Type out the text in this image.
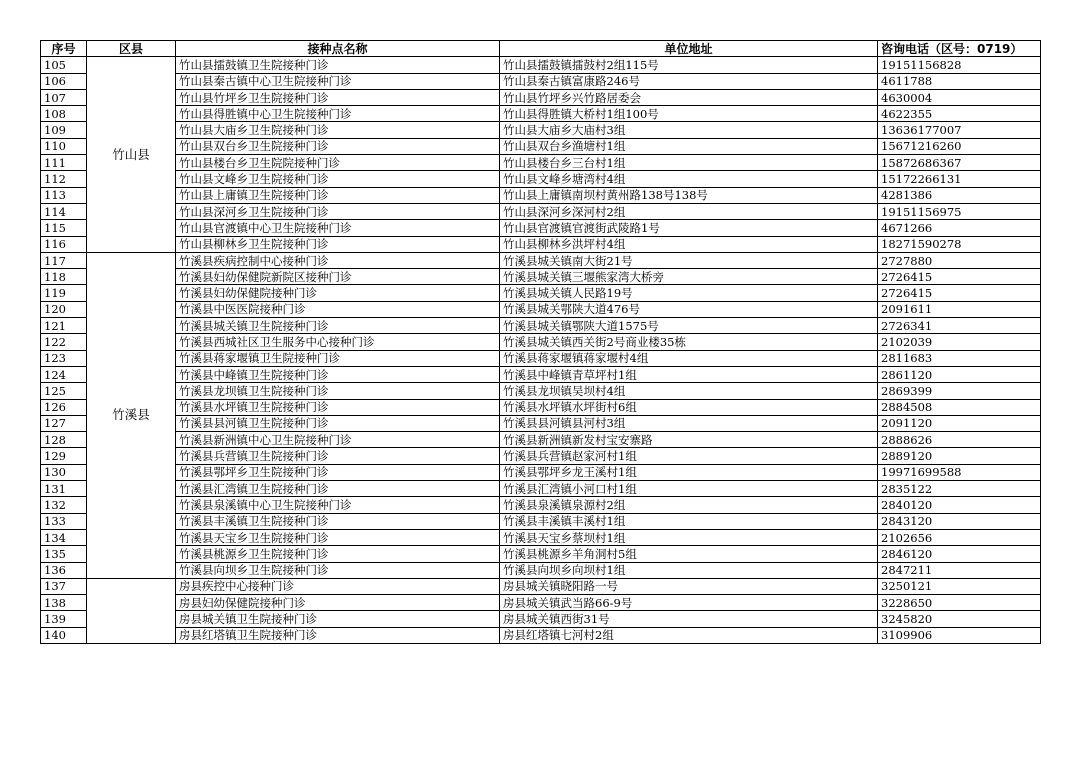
序号	区县	接种点名称	单位地址	咨询电话（区号：0719）
105	竹山县	竹山县擂鼓镇卫生院接种门诊	竹山县擂鼓镇擂鼓村2组115号	19151156828
106		竹山县秦古镇中心卫生院接种门诊	竹山县秦古镇富康路246号	4611788
107		竹山县竹坪乡卫生院接种门诊	竹山县竹坪乡兴竹路居委会	4630004
108		竹山县得胜镇中心卫生院接种门诊	竹山县得胜镇大桥村1组100号	4622355
109		竹山县大庙乡卫生院接种门诊	竹山县大庙乡大庙村3组	13636177007
110		竹山县双台乡卫生院接种门诊	竹山县双台乡渔塘村1组	15671216260
111		竹山县楼台乡卫生院院接种门诊	竹山县楼台乡三台村1组	15872686367
112		竹山县文峰乡卫生院接种门诊	竹山县文峰乡塘湾村4组	15172266131
113		竹山县上庸镇卫生院接种门诊	竹山县上庸镇南坝村黄州路138号138号	4281386
114		竹山县深河乡卫生院接种门诊	竹山县深河乡深河村2组	19151156975
115		竹山县官渡镇中心卫生院接种门诊	竹山县官渡镇官渡街武陵路1号	4671266
116		竹山县柳林乡卫生院接种门诊	竹山县柳林乡洪坪村4组	18271590278
117	竹溪县	竹溪县疾病控制中心接种门诊	竹溪县城关镇南大街21号	2727880
118		竹溪县妇幼保健院新院区接种门诊	竹溪县城关镇三堰熊家湾大桥旁	2726415
119		竹溪县妇幼保健院接种门诊	竹溪县城关镇人民路19号	2726415
120		竹溪县中医医院接种门诊	竹溪县城关鄂陕大道476号	2091611
121		竹溪县城关镇卫生院接种门诊	竹溪县城关镇鄂陕大道1575号	2726341
122		竹溪县西城社区卫生服务中心接种门诊	竹溪县城关镇西关街2号商业楼35栋	2102039
123		竹溪县蒋家堰镇卫生院接种门诊	竹溪县蒋家堰镇蒋家堰村4组	2811683
124		竹溪县中峰镇卫生院接种门诊	竹溪县中峰镇青草坪村1组	2861120
125		竹溪县龙坝镇卫生院接种门诊	竹溪县龙坝镇吴坝村4组	2869399
126		竹溪县水坪镇卫生院接种门诊	竹溪县水坪镇水坪街村6组	2884508
127		竹溪县县河镇卫生院接种门诊	竹溪县县河镇县河村3组	2091120
128		竹溪县新洲镇中心卫生院接种门诊	竹溪县新洲镇新发村宝安寨路	2888626
129		竹溪县兵营镇卫生院接种门诊	竹溪县兵营镇赵家河村1组	2889120
130		竹溪县鄂坪乡卫生院接种门诊	竹溪县鄂坪乡龙王溪村1组	19971699588
131		竹溪县汇湾镇卫生院接种门诊	竹溪县汇湾镇小河口村1组	2835122
132		竹溪县泉溪镇中心卫生院接种门诊	竹溪县泉溪镇泉源村2组	2840120
133		竹溪县丰溪镇卫生院接种门诊	竹溪县丰溪镇丰溪村1组	2843120
134		竹溪县天宝乡卫生院接种门诊	竹溪县天宝乡蔡坝村1组	2102656
135		竹溪县桃源乡卫生院接种门诊	竹溪县桃源乡羊角洞村5组	2846120
136		竹溪县向坝乡卫生院接种门诊	竹溪县向坝乡向坝村1组	2847211
137		房县疾控中心接种门诊	房县城关镇晓阳路一号	3250121
138		房县妇幼保健院接种门诊	房县城关镇武当路66-9号	3228650
139		房县城关镇卫生院接种门诊	房县城关镇西街31号	3245820
140		房县红塔镇卫生院接种门诊	房县红塔镇七河村2组	3109906
